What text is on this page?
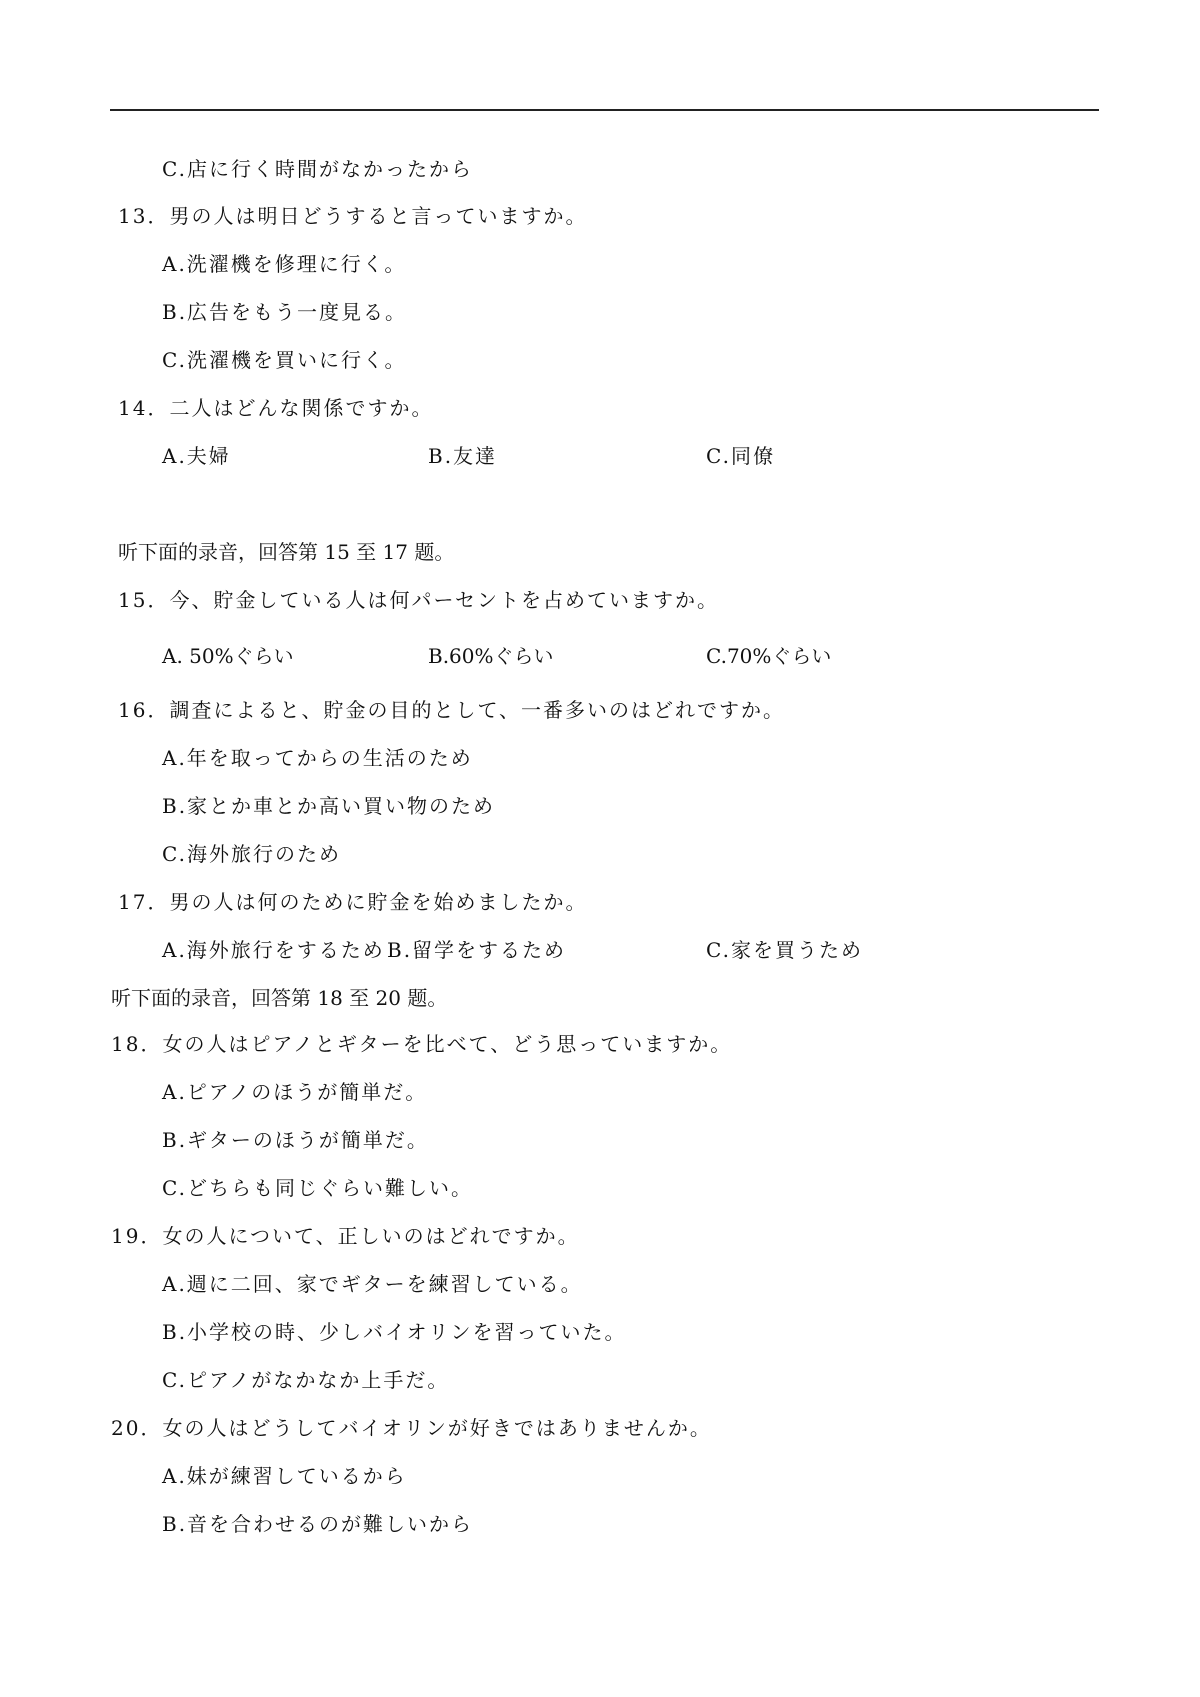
C.店に行く時間がなかったから
13．男の人は明日どうすると言っていますか。
A.洗濯機を修理に行く。
B.広告をもう一度見る。
C.洗濯機を買いに行く。
14．二人はどんな関係ですか。
A.夫婦	B.友達	C.同僚
听下面的录音，回答第 15 至 17 题。
15．今、貯金している人は何パーセントを占めていますか。
A. 50%ぐらい	B.60%ぐらい	C.70%ぐらい
16．調査によると、貯金の目的として、一番多いのはどれですか。
A.年を取ってからの生活のため
B.家とか車とか高い買い物のため
C.海外旅行のため
17．男の人は何のために貯金を始めましたか。
A.海外旅行をするため B.留学をするため	C.家を買うため
听下面的录音，回答第 18 至 20 题。
18．女の人はピアノとギターを比べて、どう思っていますか。
A.ピアノのほうが簡単だ。
B.ギターのほうが簡単だ。
C.どちらも同じぐらい難しい。
19．女の人について、正しいのはどれですか。
A.週に二回、家でギターを練習している。
B.小学校の時、少しバイオリンを習っていた。
C.ピアノがなかなか上手だ。
20．女の人はどうしてバイオリンが好きではありませんか。
A.妹が練習しているから
B.音を合わせるのが難しいから
